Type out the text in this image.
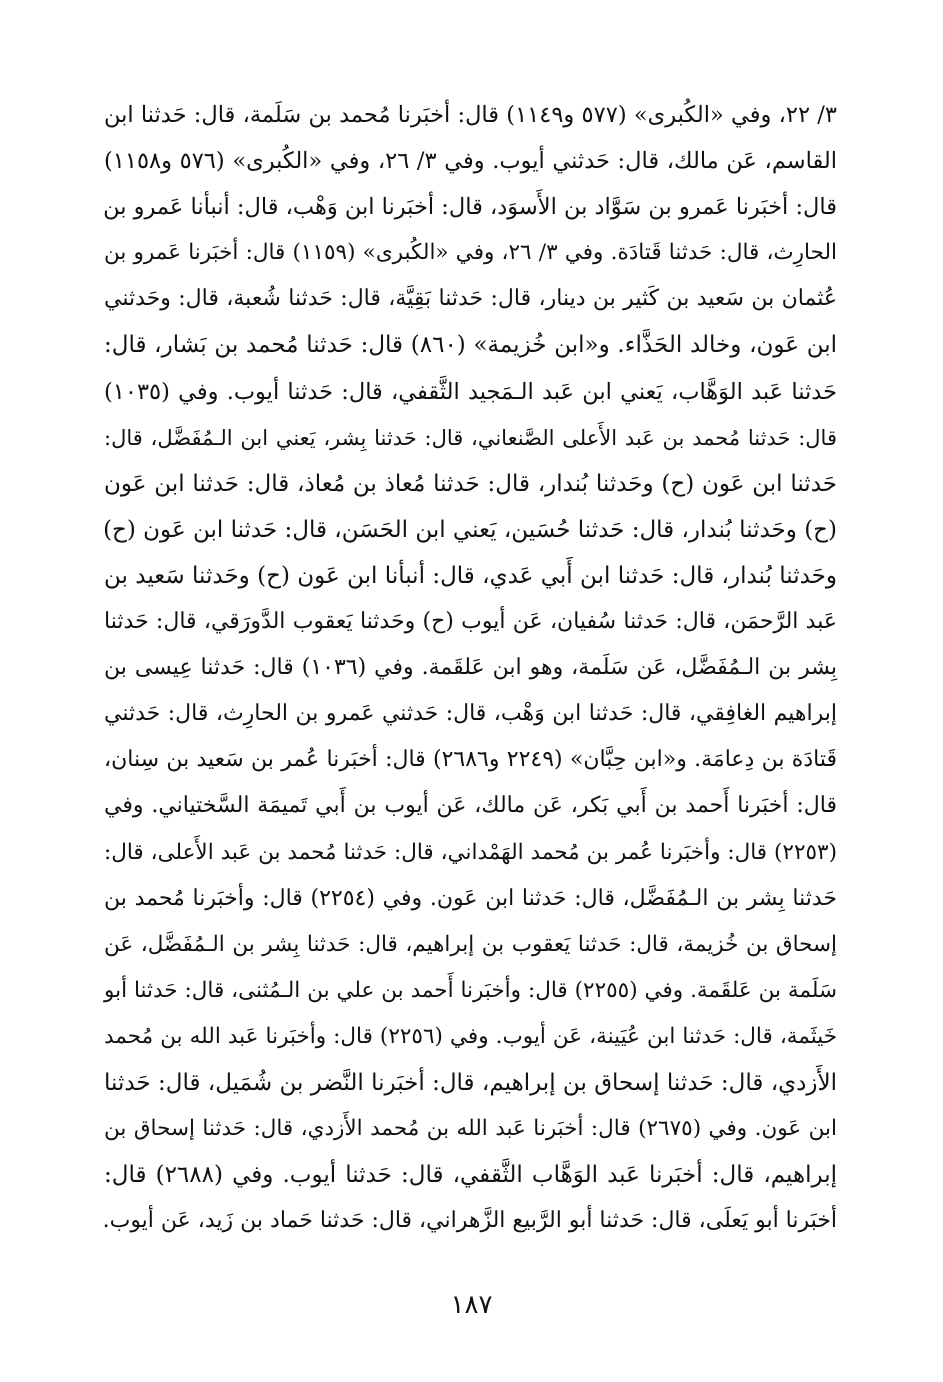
٣/ ٢٢، وفي «الكُبرى» (٥٧٧ و١١٤٩) قال: أخبَرنا مُحمد بن سَلَمة، قال: حَدثنا ابن
القاسم، عَن مالك، قال: حَدثني أيوب. وفي ٣/ ٢٦، وفي «الكُبرى» (٥٧٦ و١١٥٨)
قال: أخبَرنا عَمرو بن سَوَّاد بن الأَسوَد، قال: أخبَرنا ابن وَهْب، قال: أنبأنا عَمرو بن
الحارِث، قال: حَدثنا قَتادَة. وفي ٣/ ٢٦، وفي «الكُبرى» (١١٥٩) قال: أخبَرنا عَمرو بن
عُثمان بن سَعيد بن كَثير بن دينار، قال: حَدثنا بَقِيَّة، قال: حَدثنا شُعبة، قال: وحَدثني
ابن عَون، وخالد الحَذَّاء. و«ابن خُزيمة» (٨٦٠) قال: حَدثنا مُحمد بن بَشار، قال:
حَدثنا عَبد الوَهَّاب، يَعني ابن عَبد الـمَجيد الثَّقفي، قال: حَدثنا أيوب. وفي (١٠٣٥)
قال: حَدثنا مُحمد بن عَبد الأَعلى الصَّنعاني، قال: حَدثنا بِشر، يَعني ابن الـمُفَضَّل، قال:
حَدثنا ابن عَون (ح) وحَدثنا بُندار، قال: حَدثنا مُعاذ بن مُعاذ، قال: حَدثنا ابن عَون
(ح) وحَدثنا بُندار، قال: حَدثنا حُسَين، يَعني ابن الحَسَن، قال: حَدثنا ابن عَون (ح)
وحَدثنا بُندار، قال: حَدثنا ابن أَبي عَدي، قال: أنبأنا ابن عَون (ح) وحَدثنا سَعيد بن
عَبد الرَّحمَن، قال: حَدثنا سُفيان، عَن أيوب (ح) وحَدثنا يَعقوب الدَّورَقي، قال: حَدثنا
بِشر بن الـمُفَضَّل، عَن سَلَمة، وهو ابن عَلقَمة. وفي (١٠٣٦) قال: حَدثنا عِيسى بن
إبراهيم الغافِقي، قال: حَدثنا ابن وَهْب، قال: حَدثني عَمرو بن الحارِث، قال: حَدثني
قَتادَة بن دِعامَة. و«ابن حِبَّان» (٢٢٤٩ و٢٦٨٦) قال: أخبَرنا عُمر بن سَعيد بن سِنان،
قال: أخبَرنا أَحمد بن أَبي بَكر، عَن مالك، عَن أيوب بن أَبي تَميمَة السَّختياني. وفي
(٢٢٥٣) قال: وأخبَرنا عُمر بن مُحمد الهَمْداني، قال: حَدثنا مُحمد بن عَبد الأَعلى، قال:
حَدثنا بِشر بن الـمُفَضَّل، قال: حَدثنا ابن عَون. وفي (٢٢٥٤) قال: وأخبَرنا مُحمد بن
إسحاق بن خُزيمة، قال: حَدثنا يَعقوب بن إبراهيم، قال: حَدثنا بِشر بن الـمُفَضَّل، عَن
سَلَمة بن عَلقَمة. وفي (٢٢٥٥) قال: وأخبَرنا أَحمد بن علي بن الـمُثنى، قال: حَدثنا أبو
خَيثَمة، قال: حَدثنا ابن عُيَينة، عَن أيوب. وفي (٢٢٥٦) قال: وأخبَرنا عَبد الله بن مُحمد
الأَزدي، قال: حَدثنا إسحاق بن إبراهيم، قال: أخبَرنا النَّضر بن شُمَيل، قال: حَدثنا
ابن عَون. وفي (٢٦٧٥) قال: أخبَرنا عَبد الله بن مُحمد الأَزدي، قال: حَدثنا إسحاق بن
إبراهيم، قال: أخبَرنا عَبد الوَهَّاب الثَّقفي، قال: حَدثنا أيوب. وفي (٢٦٨٨) قال:
أخبَرنا أبو يَعلَى، قال: حَدثنا أبو الرَّبيع الزَّهراني، قال: حَدثنا حَماد بن زَيد، عَن أيوب.
١٨٧
